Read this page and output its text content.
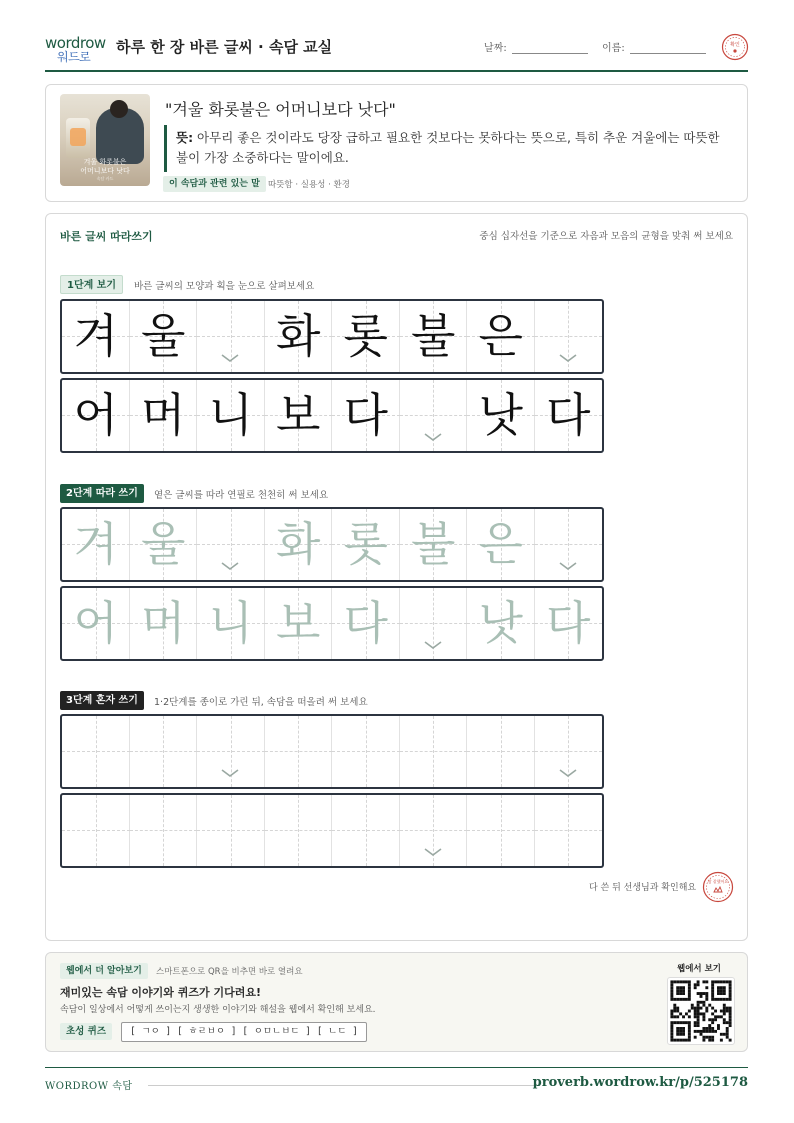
wordrow
워드로
하루 한 장 바른 글씨 · 속담 교실	날짜:	이름:	확인
겨울 화롯불은
어머니보다 낫다
속담 카드
"겨울 화롯불은 어머니보다 낫다"
뜻: 아무리 좋은 것이라도 당장 급하고 필요한 것보다는 못하다는 뜻으로, 특히 추운 겨울에는 따뜻한 불이 가장 소중하다는 말이에요.
이 속담과 관련 있는 말 따뜻함 · 실용성 · 환경
바른 글씨 따라쓰기	중심 십자선을 기준으로 자음과 모음의 균형을 맞춰 써 보세요
1단계 보기	바른 글씨의 모양과 획을 눈으로 살펴보세요
2단계 따라 쓰기	옅은 글씨를 따라 연필로 천천히 써 보세요
3단계 혼자 쓰기	1·2단계를 종이로 가린 뒤, 속담을 떠올려 써 보세요
겨 울 화 롯 불 은
어 머 니 보 다 낫 다
겨 울 화 롯 불 은
어 머 니 보 다 낫 다
다 쓴 뒤 선생님과 확인해요
참 잘했어요
웹에서 더 알아보기	스마트폰으로 QR을 비추면 바로 열려요
재미있는 속담 이야기와 퀴즈가 기다려요!
속담이 일상에서 어떻게 쓰이는지 생생한 이야기와 해설을 웹에서 확인해 보세요.
초성 퀴즈	[ ㄱㅇ ] [ ㅎㄹㅂㅇ ] [ ㅇㅁㄴㅂㄷ ] [ ㄴㄷ ]
웹에서 보기
WORDROW 속담	proverb.wordrow.kr/p/525178
